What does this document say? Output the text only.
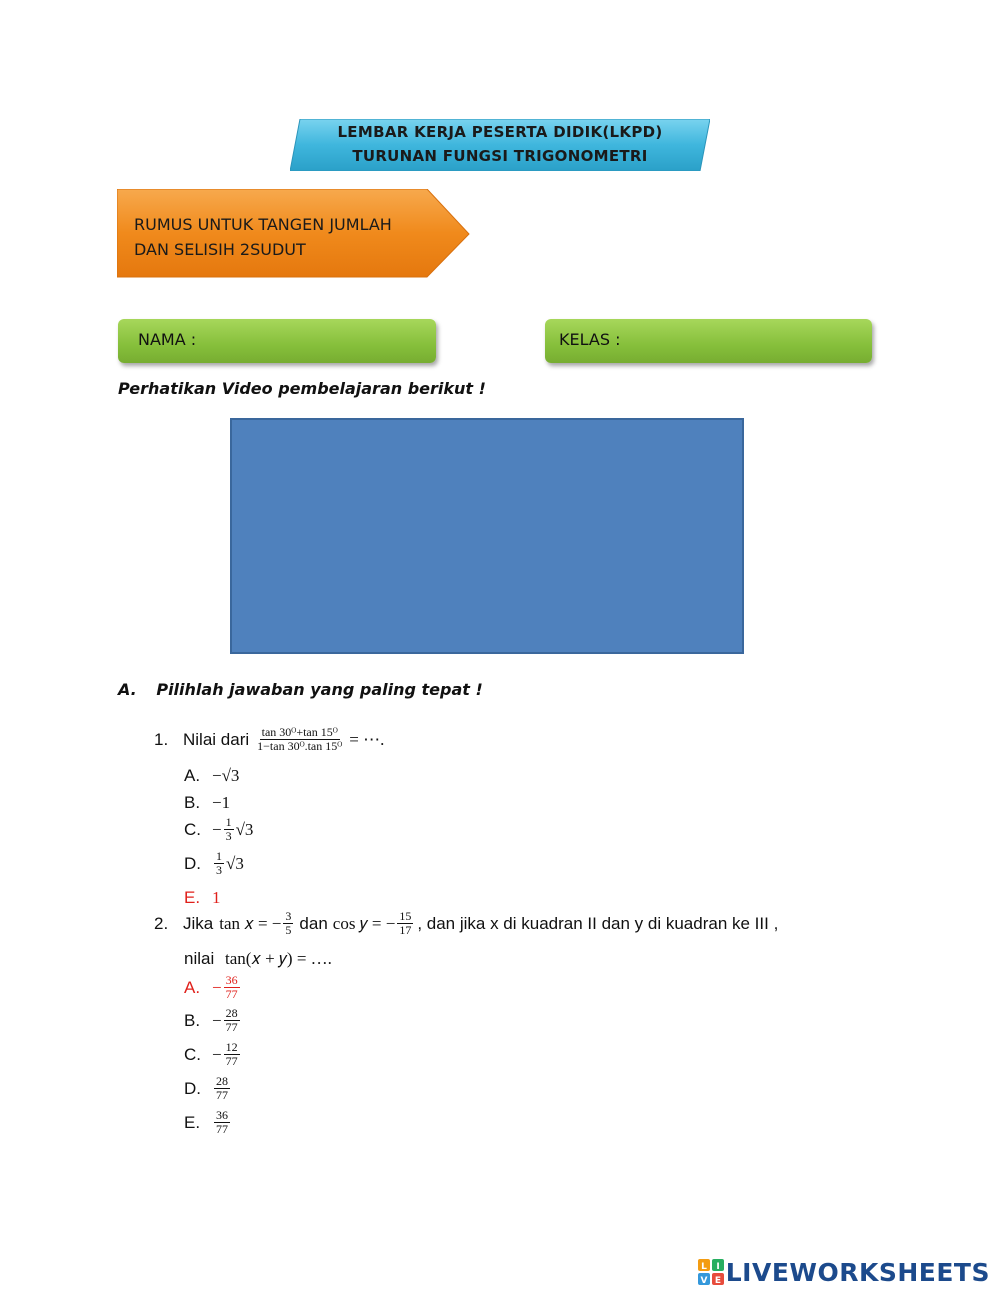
LEMBAR KERJA PESERTA DIDIK(LKPD)
TURUNAN FUNGSI TRIGONOMETRI
RUMUS UNTUK TANGEN JUMLAH
DAN SELISIH 2SUDUT
NAMA :	KELAS :
Perhatikan Video pembelajaran berikut !
A. Pilihlah jawaban yang paling tepat !
1. Nilai dari $\frac{\text{tan 30ᴼ+tan 15ᴼ}}{\text{1−tan 30ᴼ.tan 15ᴼ}}$ = ⋯.
A. −√3
B. −1
C. − $\frac{1}{3} √3$
D.	$\frac{1}{3} √3$
E. 1
2. Jika tan 𝑥 = − $\frac{3}{5}$ dan cos 𝑦 = − $\frac{15}{17}$ , dan jika x di kuadran II dan y di kuadran ke III ,
nilai tan(𝑥 + 𝑦) = ….
A. − $\frac{36}{77}$
B. − $\frac{28}{77}$
C. − $\frac{12}{77}$
D.	$\frac{28}{77}$
E.	$\frac{36}{77}$
L I
V E LIVEWORKSHEETS
